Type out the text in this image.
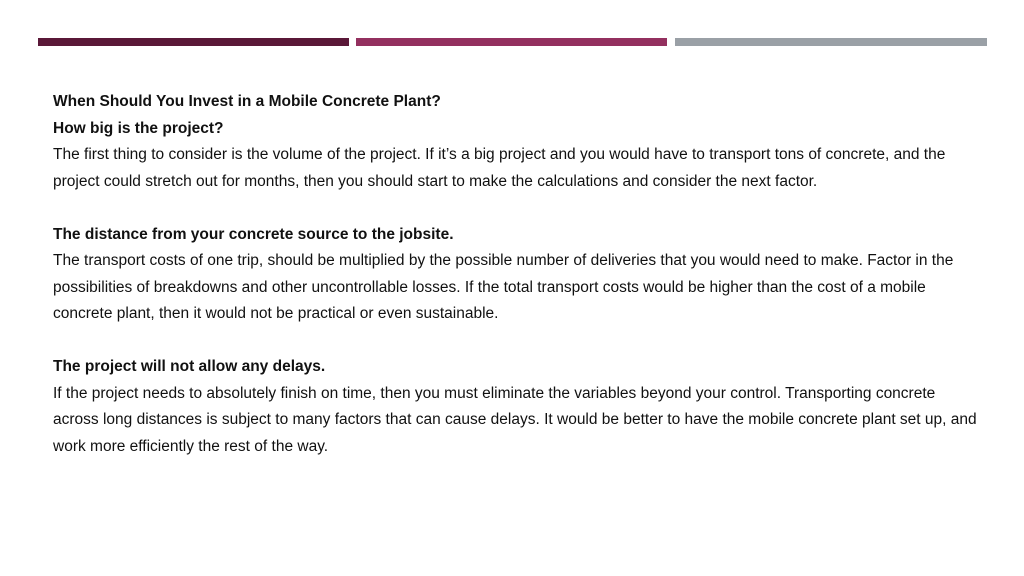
When Should You Invest in a Mobile Concrete Plant?

How big is the project?

The first thing to consider is the volume of the project. If it’s a big project and you would have to transport tons of concrete, and the project could stretch out for months, then you should start to make the calculations and consider the next factor.

The distance from your concrete source to the jobsite.

The transport costs of one trip, should be multiplied by the possible number of deliveries that you would need to make. Factor in the possibilities of breakdowns and other uncontrollable losses. If the total transport costs would be higher than the cost of a mobile concrete plant, then it would not be practical or even sustainable.

The project will not allow any delays.

If the project needs to absolutely finish on time, then you must eliminate the variables beyond your control. Transporting concrete across long distances is subject to many factors that can cause delays. It would be better to have the mobile concrete plant set up, and work more efficiently the rest of the way.
